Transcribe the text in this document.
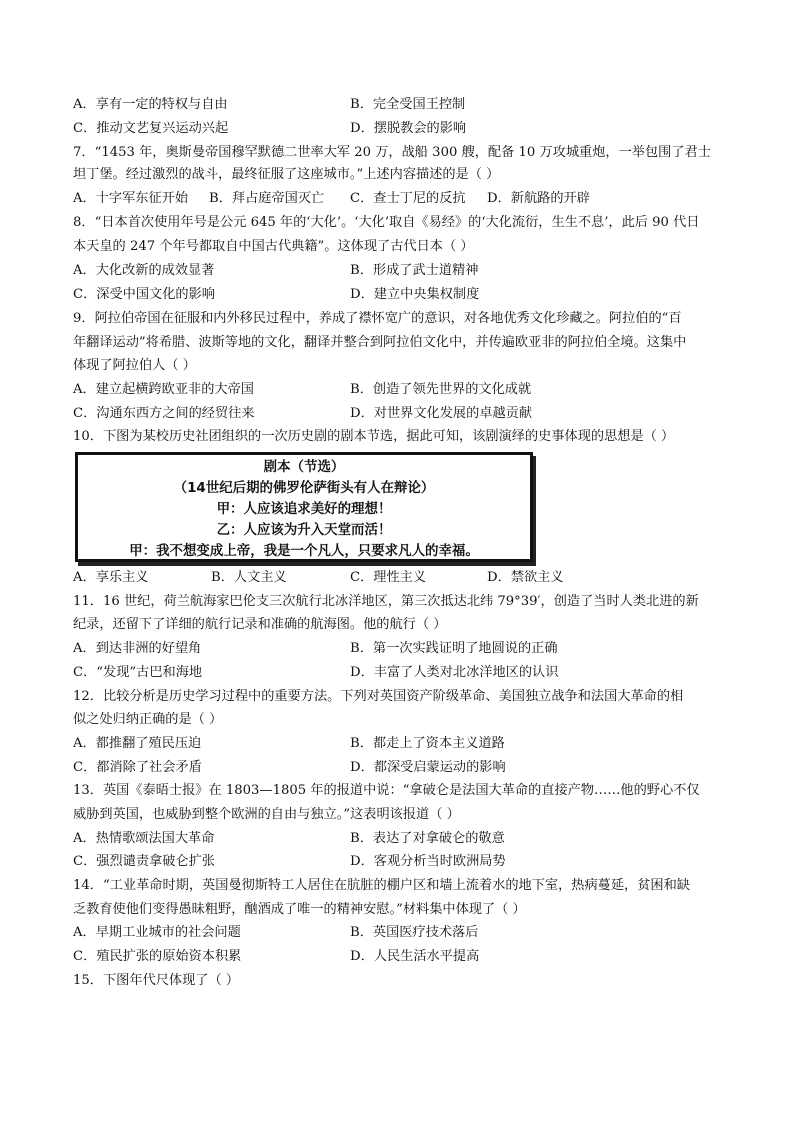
A．享有一定的特权与自由	B．完全受国王控制
C．推动文艺复兴运动兴起	D．摆脱教会的影响
7．“1453 年，奥斯曼帝国穆罕默德二世率大军 20 万，战船 300 艘，配备 10 万攻城重炮，一举包围了君士
坦丁堡。经过激烈的战斗，最终征服了这座城市。”上述内容描述的是（ ）
A．十字军东征开始 B．拜占庭帝国灭亡 C．查士丁尼的反抗 D．新航路的开辟
8．“日本首次使用年号是公元 645 年的‘大化’。‘大化’取自《易经》的‘大化流衍，生生不息’，此后 90 代日
本天皇的 247 个年号都取自中国古代典籍”。这体现了古代日本（ ）
A．大化改新的成效显著	B．形成了武士道精神
C．深受中国文化的影响	D．建立中央集权制度
9．阿拉伯帝国在征服和内外移民过程中，养成了襟怀宽广的意识，对各地优秀文化珍藏之。阿拉伯的“百
年翻译运动”将希腊、波斯等地的文化，翻译并整合到阿拉伯文化中，并传遍欧亚非的阿拉伯全境。这集中
体现了阿拉伯人（ ）
A．建立起横跨欧亚非的大帝国	B．创造了领先世界的文化成就
C．沟通东西方之间的经贸往来	D．对世界文化发展的卓越贡献
10．下图为某校历史社团组织的一次历史剧的剧本节选，据此可知，该剧演绎的史事体现的思想是（ ）
剧本（节选）
（14世纪后期的佛罗伦萨街头有人在辩论）
甲：人应该追求美好的理想！
乙：人应该为升入天堂而活！
甲：我不想变成上帝，我是一个凡人，只要求凡人的幸福。
A．享乐主义	B．人文主义	C．理性主义	D．禁欲主义
11．16 世纪，荷兰航海家巴伦支三次航行北冰洋地区，第三次抵达北纬 79°39′，创造了当时人类北进的新
纪录，还留下了详细的航行记录和准确的航海图。他的航行（ ）
A．到达非洲的好望角	B．第一次实践证明了地圆说的正确
C．“发现”古巴和海地	D．丰富了人类对北冰洋地区的认识
12．比较分析是历史学习过程中的重要方法。下列对英国资产阶级革命、美国独立战争和法国大革命的相
似之处归纳正确的是（ ）
A．都推翻了殖民压迫	B．都走上了资本主义道路
C．都消除了社会矛盾	D．都深受启蒙运动的影响
13．英国《泰晤士报》在 1803—1805 年的报道中说：“拿破仑是法国大革命的直接产物……他的野心不仅
威胁到英国，也威胁到整个欧洲的自由与独立。”这表明该报道（ ）
A．热情歌颂法国大革命	B．表达了对拿破仑的敬意
C．强烈谴责拿破仑扩张	D．客观分析当时欧洲局势
14．“工业革命时期，英国曼彻斯特工人居住在肮脏的棚户区和墙上流着水的地下室，热病蔓延，贫困和缺
乏教育使他们变得愚昧粗野，酗酒成了唯一的精神安慰。”材料集中体现了（ ）
A．早期工业城市的社会问题	B．英国医疗技术落后
C．殖民扩张的原始资本积累	D．人民生活水平提高
15．下图年代尺体现了（ ）
